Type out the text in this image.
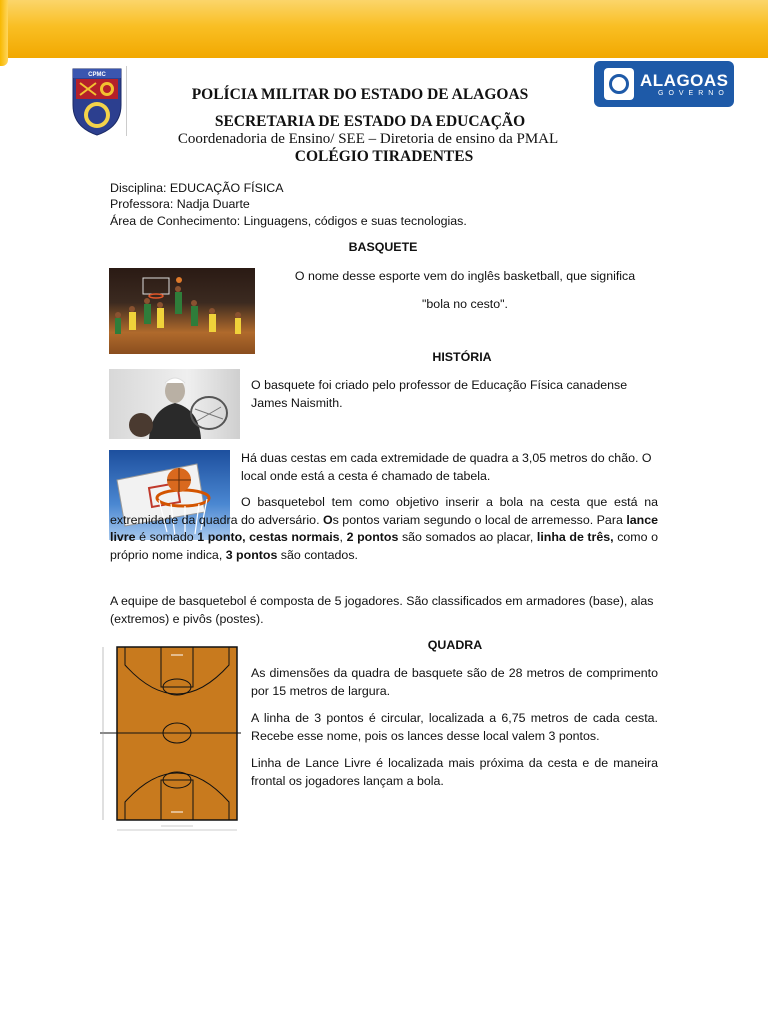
CPMC	ALAGOAS
GOVERNO
POLÍCIA MILITAR DO ESTADO DE ALAGOAS
SECRETARIA DE ESTADO DA EDUCAÇÃO
Coordenadoria de Ensino/ SEE – Diretoria de ensino da PMAL
COLÉGIO TIRADENTES
Disciplina: EDUCAÇÃO FÍSICA
Professora: Nadja Duarte
Área de Conhecimento: Linguagens, códigos e suas tecnologias.
BASQUETE
O nome desse esporte vem do inglês basketball, que significa
"bola no cesto".
HISTÓRIA
O basquete foi criado pelo professor de Educação Física canadense James Naismith.
Há duas cestas em cada extremidade de quadra a 3,05 metros do chão. O local onde está a cesta é chamado de tabela.
O basquetebol tem como objetivo inserir a bola na cesta que está na extremidade da quadra do adversário. Os pontos variam segundo o local de arremesso. Para lance livre é somado 1 ponto, cestas normais, 2 pontos são somados ao placar, linha de três, como o próprio nome indica, 3 pontos são contados.
A equipe de basquetebol é composta de 5 jogadores. São classificados em armadores (base), alas (extremos) e pivôs (postes).
QUADRA
As dimensões da quadra de basquete são de 28 metros de comprimento por 15 metros de largura.
A linha de 3 pontos é circular, localizada a 6,75 metros de cada cesta. Recebe esse nome, pois os lances desse local valem 3 pontos.
Linha de Lance Livre é localizada mais próxima da cesta e de maneira frontal os jogadores lançam a bola.
